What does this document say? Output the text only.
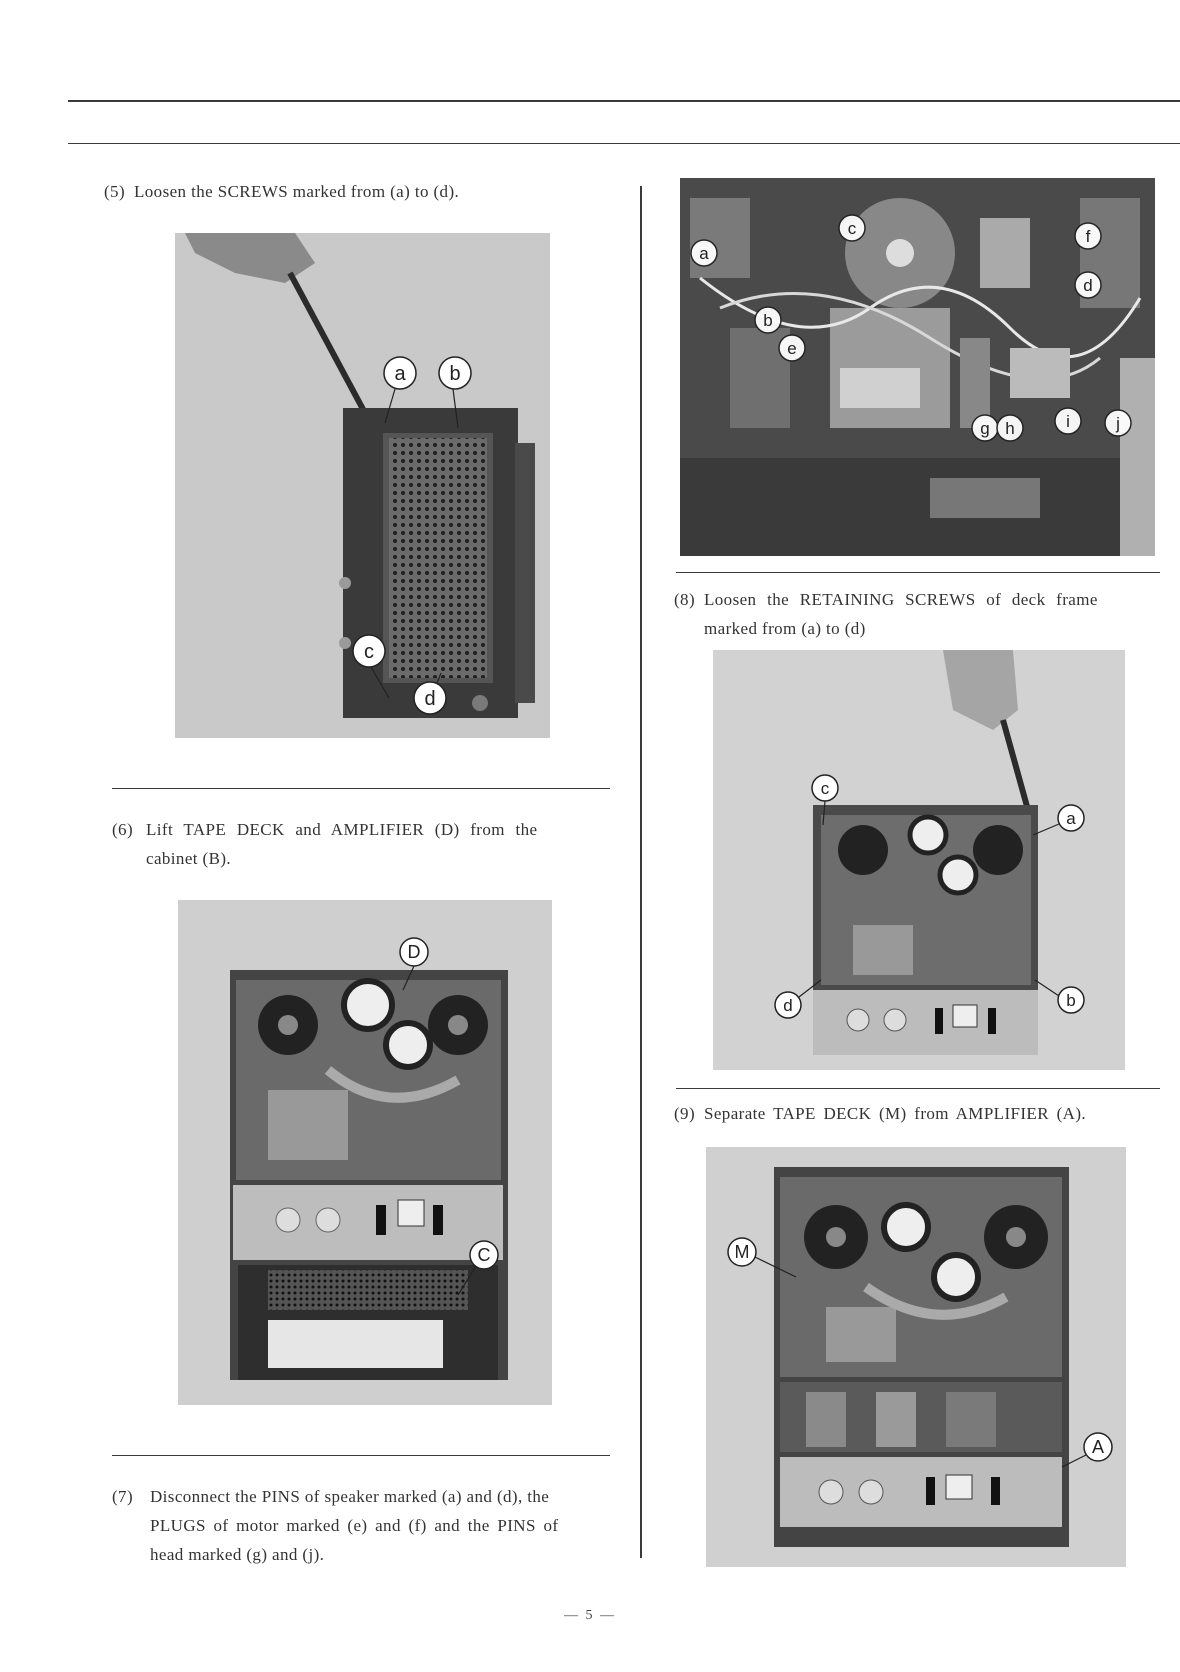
(5) Loosen the SCREWS marked from (a) to (d).
a b
c
d
(6) Lift TAPE DECK and AMPLIFIER (D) from the
cabinet (B).
D
C
(7) Disconnect the PINS of speaker marked (a) and (d), the
PLUGS of motor marked (e) and (f) and the PINS of
head marked (g) and (j).
a
b
c
d
e
f
g h	i	j
(8) Loosen the RETAINING SCREWS of deck frame
marked from (a) to (d)
c
a
d	b
(9) Separate TAPE DECK (M) from AMPLIFIER (A).
M
A
— 5 —
